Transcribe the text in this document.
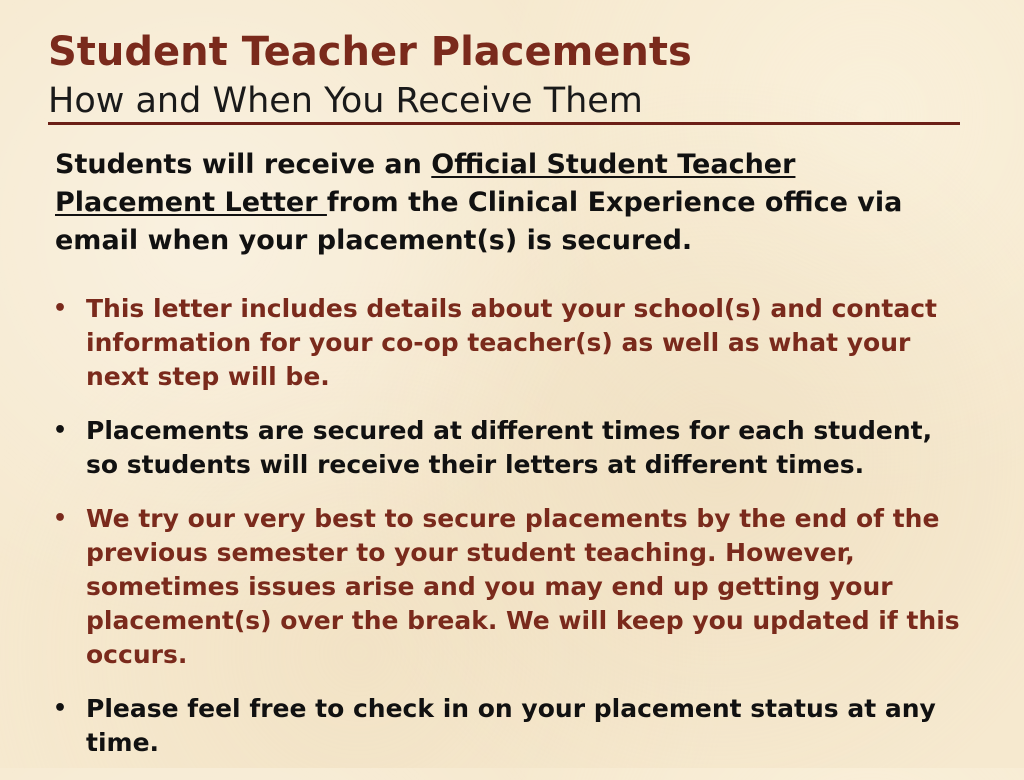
Student Teacher Placements
How and When You Receive Them
Students will receive an Official Student Teacher Placement Letter from the Clinical Experience office via email when your placement(s) is secured.
• This letter includes details about your school(s) and contact information for your co-op teacher(s) as well as what your next step will be.
• Placements are secured at different times for each student, so students will receive their letters at different times.
• We try our very best to secure placements by the end of the previous semester to your student teaching. However, sometimes issues arise and you may end up getting your placement(s) over the break. We will keep you updated if this occurs.
• Please feel free to check in on your placement status at any time.
